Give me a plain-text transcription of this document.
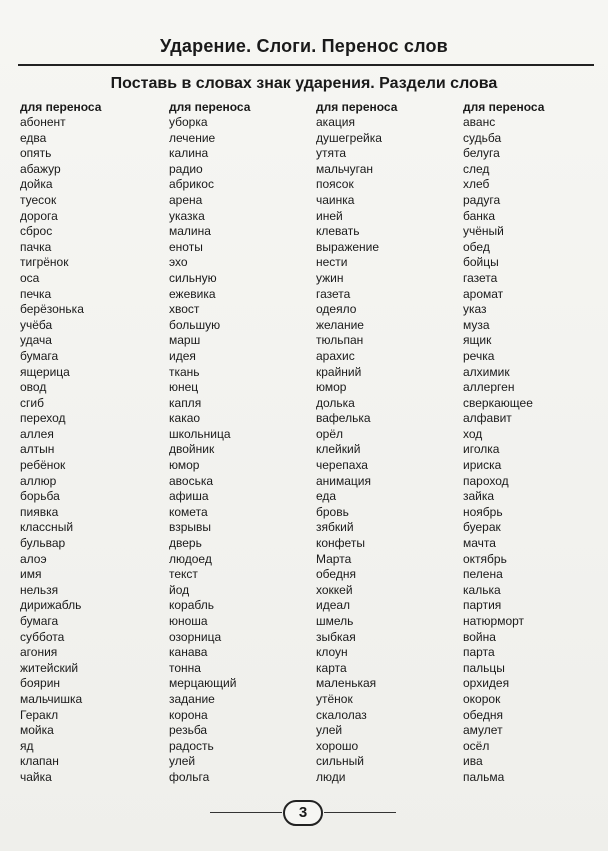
Ударение. Слоги. Перенос слов
Поставь в словах знак ударения. Раздели слова
для переноса
абонент
едва
опять
абажур
дойка
туесок
дорога
сброс
пачка
тигрёнок
оса
печка
берёзонька
учёба
удача
бумага
ящерица
овод
сгиб
переход
аллея
алтын
ребёнок
аллюр
борьба
пиявка
классный
бульвар
алоэ
имя
нельзя
дирижабль
бумага
суббота
агония
житейский
боярин
мальчишка
Геракл
мойка
яд
клапан
чайка
для переноса
уборка
лечение
калина
радио
абрикос
арена
указка
малина
еноты
эхо
сильную
ежевика
хвост
большую
марш
идея
ткань
юнец
капля
какао
школьница
двойник
юмор
авоська
афиша
комета
взрывы
дверь
людоед
текст
йод
корабль
юноша
озорница
канава
тонна
мерцающий
задание
корона
резьба
радость
улей
фольга
для переноса
акация
душегрейка
утята
мальчуган
поясок
чаинка
иней
клевать
выражение
нести
ужин
газета
одеяло
желание
тюльпан
арахис
крайний
юмор
долька
вафелька
орёл
клейкий
черепаха
анимация
еда
бровь
зябкий
конфеты
Марта
обедня
хоккей
идеал
шмель
зыбкая
клоун
карта
маленькая
утёнок
скалолаз
улей
хорошо
сильный
люди
для переноса
аванс
судьба
белуга
след
хлеб
радуга
банка
учёный
обед
бойцы
газета
аромат
указ
муза
ящик
речка
алхимик
аллерген
сверкающее
алфавит
ход
иголка
ириска
пароход
зайка
ноябрь
буерак
мачта
октябрь
пелена
калька
партия
натюрморт
война
парта
пальцы
орхидея
окорок
обедня
амулет
осёл
ива
пальма
3
